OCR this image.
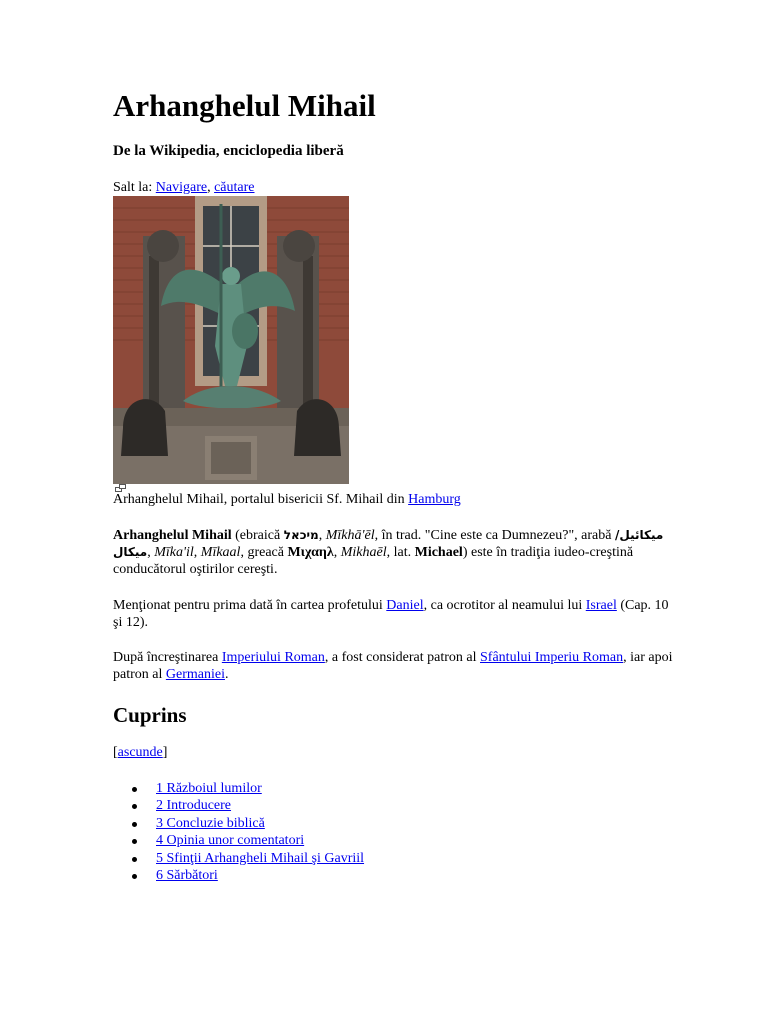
Arhanghelul Mihail
De la Wikipedia, enciclopedia liberă
Salt la: Navigare, căutare
Arhanghelul Mihail, portalul bisericii Sf. Mihail din Hamburg

Arhanghelul Mihail (ebraică מיכאל, Mīkhā'ēl, în trad. "Cine este ca Dumnezeu?", arabă ميكائيل/ميكال, Mīka'il, Mīkaal, greacă Μιχαηλ, Mikhaēl, lat. Michael) este în tradiţia iudeo-creştină conducătorul oştirilor cereşti.

Menţionat pentru prima dată în cartea profetului Daniel, ca ocrotitor al neamului lui Israel (Cap. 10 şi 12).

După încreştinarea Imperiului Roman, a fost considerat patron al Sfântului Imperiu Roman, iar apoi patron al Germaniei.

Cuprins
[ascunde]
1 Războiul lumilor
2 Introducere
3 Concluzie biblică
4 Opinia unor comentatori
5 Sfinţii Arhangheli Mihail şi Gavriil
6 Sărbători
